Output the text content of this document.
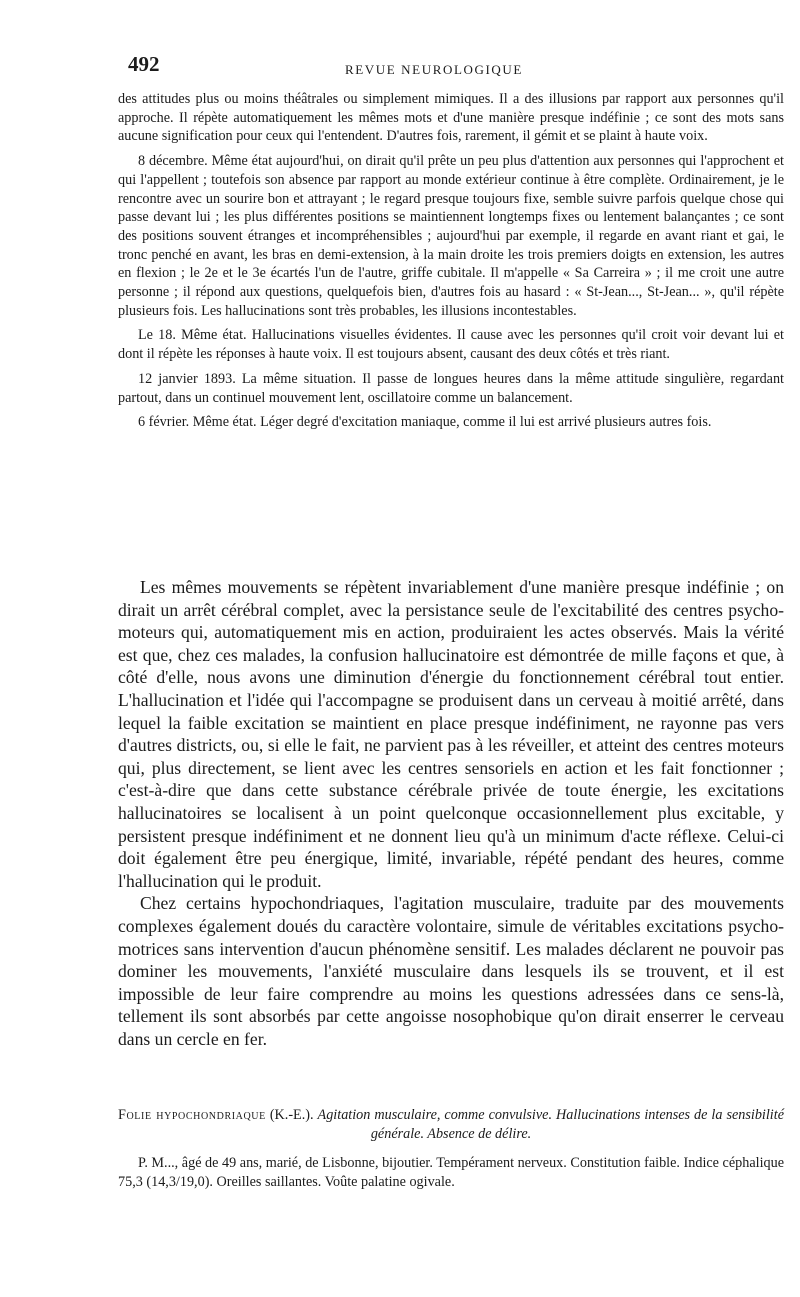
492	REVUE NEUROLOGIQUE

des attitudes plus ou moins théâtrales ou simplement mimiques. Il a des illusions par rapport aux personnes qu'il approche. Il répète automatiquement les mêmes mots et d'une manière presque indéfinie ; ce sont des mots sans aucune signification pour ceux qui l'entendent. D'autres fois, rarement, il gémit et se plaint à haute voix.

8 décembre. Même état aujourd'hui, on dirait qu'il prête un peu plus d'attention aux personnes qui l'approchent et qui l'appellent ; toutefois son absence par rapport au monde extérieur continue à être complète. Ordinairement, je le rencontre avec un sourire bon et attrayant ; le regard presque toujours fixe, semble suivre parfois quelque chose qui passe devant lui ; les plus différentes positions se maintiennent longtemps fixes ou lentement balançantes ; ce sont des positions souvent étranges et incompréhensibles ; aujourd'hui par exemple, il regarde en avant riant et gai, le tronc penché en avant, les bras en demi-extension, à la main droite les trois premiers doigts en extension, les autres en flexion ; le 2e et le 3e écartés l'un de l'autre, griffe cubitale. Il m'appelle « Sa Carreira » ; il me croit une autre personne ; il répond aux questions, quelquefois bien, d'autres fois au hasard : « St-Jean..., St-Jean... », qu'il répète plusieurs fois. Les hallucinations sont très probables, les illusions incontestables.

Le 18. Même état. Hallucinations visuelles évidentes. Il cause avec les personnes qu'il croit voir devant lui et dont il répète les réponses à haute voix. Il est toujours absent, causant des deux côtés et très riant.

12 janvier 1893. La même situation. Il passe de longues heures dans la même attitude singulière, regardant partout, dans un continuel mouvement lent, oscillatoire comme un balancement.

6 février. Même état. Léger degré d'excitation maniaque, comme il lui est arrivé plusieurs autres fois.

Les mêmes mouvements se répètent invariablement d'une manière presque indéfinie ; on dirait un arrêt cérébral complet, avec la persistance seule de l'excitabilité des centres psycho-moteurs qui, automatiquement mis en action, produiraient les actes observés. Mais la vérité est que, chez ces malades, la confusion hallucinatoire est démontrée de mille façons et que, à côté d'elle, nous avons une diminution d'énergie du fonctionnement cérébral tout entier. L'hallucination et l'idée qui l'accompagne se produisent dans un cerveau à moitié arrêté, dans lequel la faible excitation se maintient en place presque indéfiniment, ne rayonne pas vers d'autres districts, ou, si elle le fait, ne parvient pas à les réveiller, et atteint des centres moteurs qui, plus directement, se lient avec les centres sensoriels en action et les fait fonctionner ; c'est-à-dire que dans cette substance cérébrale privée de toute énergie, les excitations hallucinatoires se localisent à un point quelconque occasionnellement plus excitable, y persistent presque indéfiniment et ne donnent lieu qu'à un minimum d'acte réflexe. Celui-ci doit également être peu énergique, limité, invariable, répété pendant des heures, comme l'hallucination qui le produit.

Chez certains hypochondriaques, l'agitation musculaire, traduite par des mouvements complexes également doués du caractère volontaire, simule de véritables excitations psycho-motrices sans intervention d'aucun phénomène sensitif. Les malades déclarent ne pouvoir pas dominer les mouvements, l'anxiété musculaire dans lesquels ils se trouvent, et il est impossible de leur faire comprendre au moins les questions adressées dans ce sens-là, tellement ils sont absorbés par cette angoisse nosophobique qu'on dirait enserrer le cerveau dans un cercle en fer.

Folie hypochondriaque (K.-E.). Agitation musculaire, comme convulsive. Hallucinations intenses de la sensibilité générale. Absence de délire.

P. M..., âgé de 49 ans, marié, de Lisbonne, bijoutier. Tempérament nerveux. Constitution faible. Indice céphalique 75,3 (14,3/19,0). Oreilles saillantes. Voûte palatine ogivale.
